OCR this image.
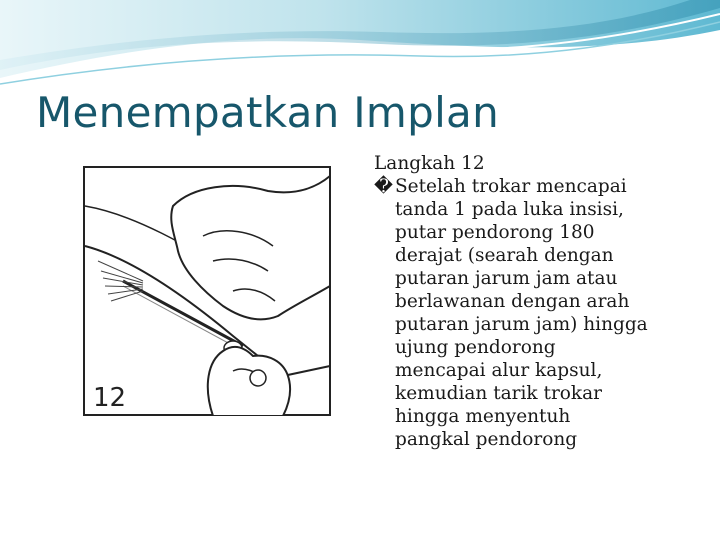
Menempatkan Implan
12
Langkah 12
� Setelah trokar mencapai
tanda 1 pada luka insisi,
putar pendorong 180
derajat (searah dengan
putaran jarum jam atau
berlawanan dengan arah
putaran jarum jam) hingga
ujung pendorong
mencapai alur kapsul,
kemudian tarik trokar
hingga menyentuh
pangkal pendorong
